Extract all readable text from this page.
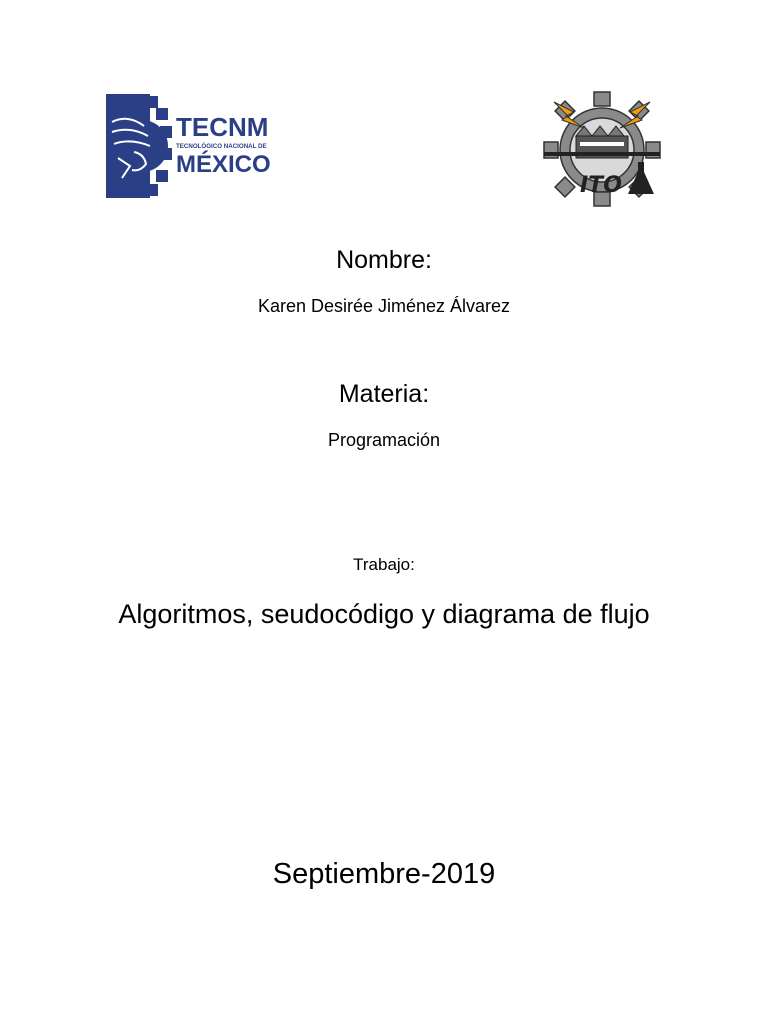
TECNM
TECNOLÓGICO NACIONAL DE
MÉXICO
ITO
Nombre:
Karen Desirée Jiménez Álvarez
Materia:
Programación
Trabajo:
Algoritmos, seudocódigo y diagrama de flujo
Septiembre-2019
